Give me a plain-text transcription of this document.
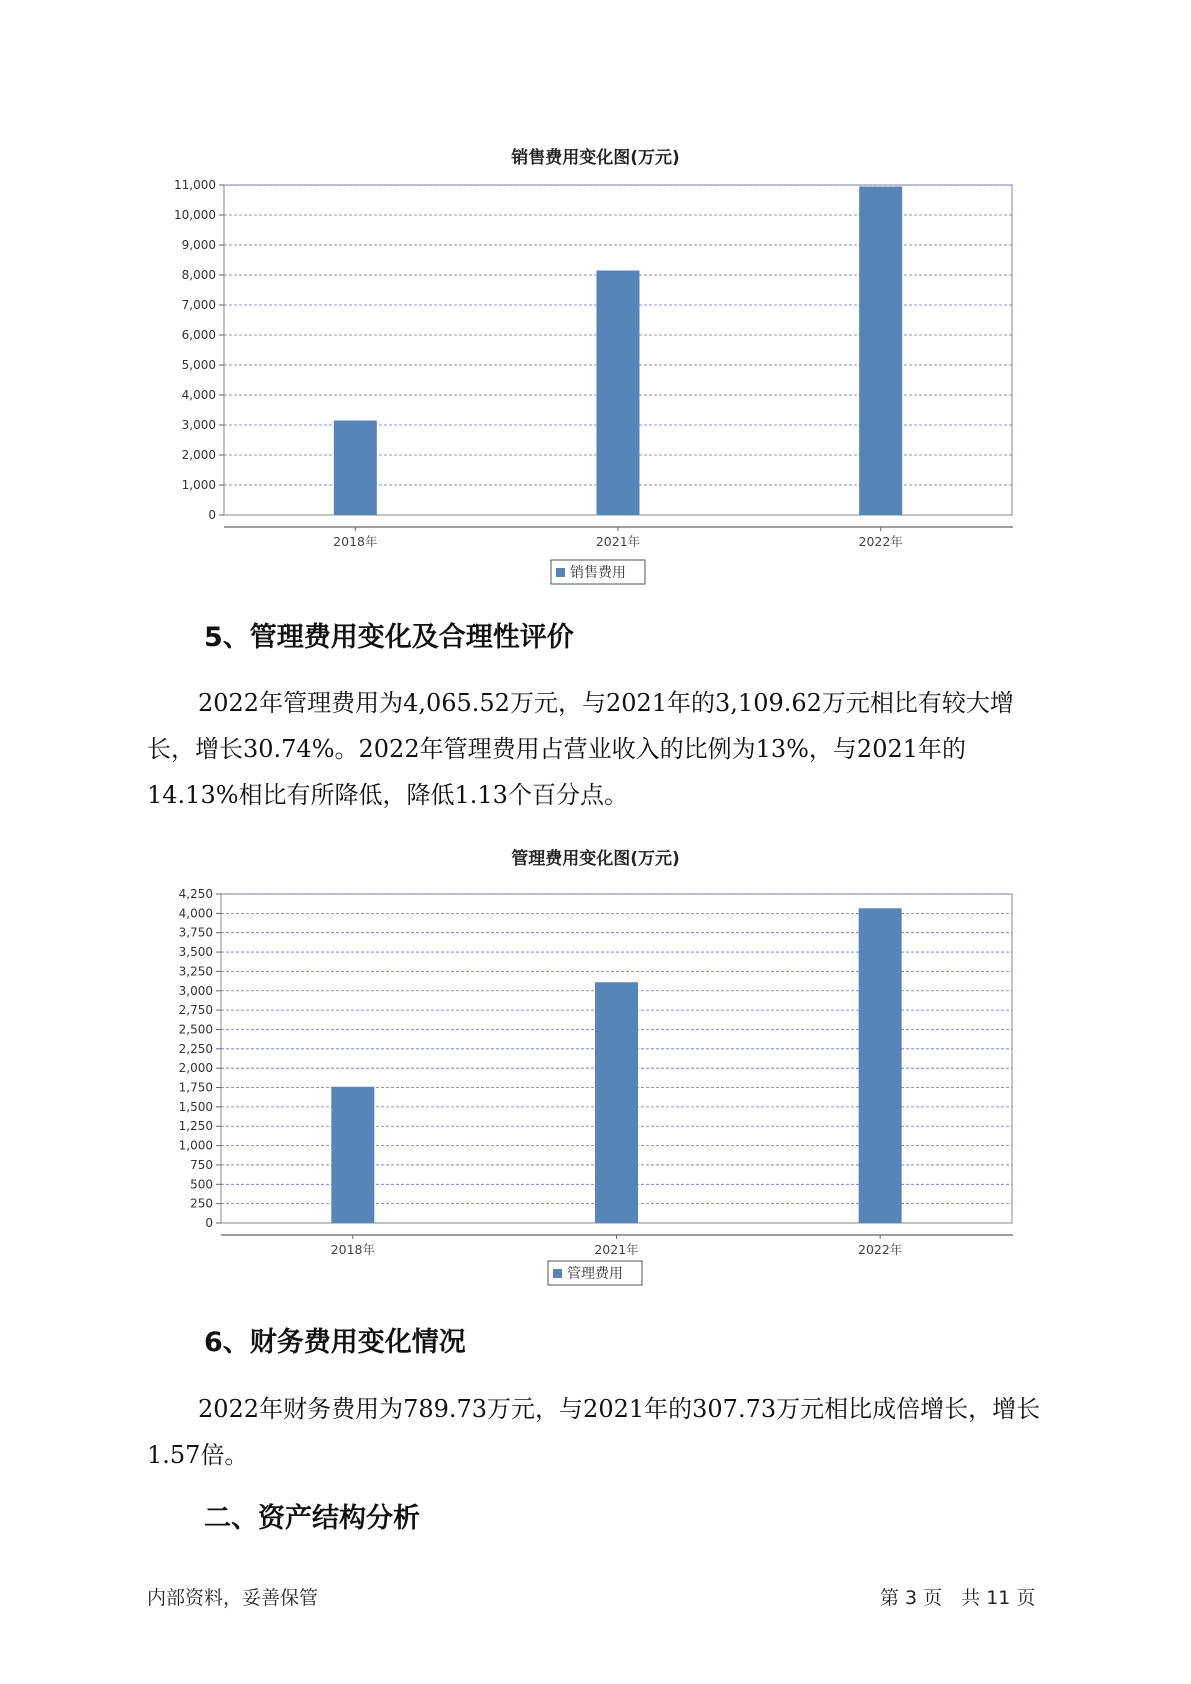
销售费用变化图(万元)
0
1,000
2,000
3,000
4,000
5,000
6,000
7,000
8,000
9,000
10,000
11,000
2018年	2021年	2022年
销售费用
5、管理费用变化及合理性评价
2022年管理费用为4,065.52万元，与2021年的3,109.62万元相比有较大增长，增长30.74%。2022年管理费用占营业收入的比例为13%，与2021年的14.13%相比有所降低，降低1.13个百分点。
管理费用变化图(万元)
0
250
500
750
1,000
1,250
1,500
1,750
2,000
2,250
2,500
2,750
3,000
3,250
3,500
3,750
4,000
4,250
2018年	2021年	2022年
管理费用
6、财务费用变化情况
2022年财务费用为789.73万元，与2021年的307.73万元相比成倍增长，增长1.57倍。
二、资产结构分析
内部资料，妥善保管	第 3 页　共 11 页
